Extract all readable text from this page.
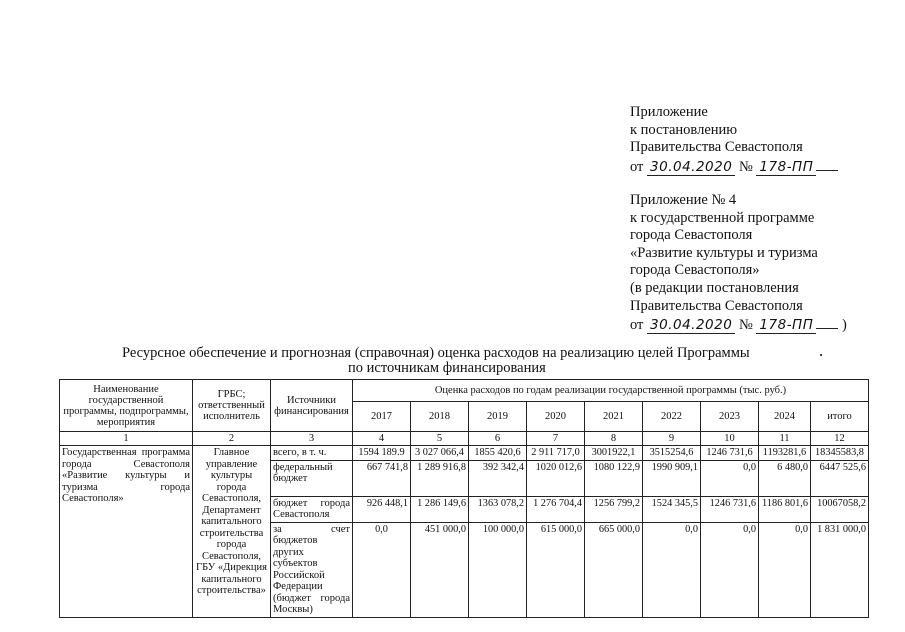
Приложение
к постановлению
Правительства Севастополя
от 30.04.2020 № 178-ПП
Приложение № 4
к государственной программе
города Севастополя
«Развитие культуры и туризма
города Севастополя»
(в редакции постановления
Правительства Севастополя
от 30.04.2020 № 178-ПП )
Ресурсное обеспечение и прогнозная (справочная) оценка расходов на реализацию целей Программы
по источникам финансирования
Наименование государственной программы, подпрограммы, мероприятия	ГРБС; ответственный исполнитель	Источники финансирования	Оценка расходов по годам реализации государственной программы (тыс. руб.)								
			2017	2018	2019	2020	2021	2022	2023	2024	итого
1	2	3	4	5	6	7	8	9	10	11	12
Государственная программа города Севастополя «Развитие культуры и туризма города Севастополя»	Главное управление культуры города Севастополя, Департамент капитального строительства города Севастополя, ГБУ «Дирекция капитального строительства»	всего, в т. ч.	1594 189.9	3 027 066,4	1855 420,6	2 911 717,0	3001922,1	3515254,6	1246 731,6	1193281,6	18345583,8
		федеральный бюджет	667 741,8	1 289 916,8	392 342,4	1020 012,6	1080 122,9	1990 909,1	0,0	6 480,0	6447 525,6
		бюджет города Севастополя	926 448,1	1 286 149,6	1363 078,2	1 276 704,4	1256 799,2	1524 345,5	1246 731,6	1186 801,6	10067058,2
		за счет бюджетов других субъектов Российской Федерации (бюджет города Москвы)	0,0	451 000,0	100 000,0	615 000,0	665 000,0	0,0	0,0	0,0	1 831 000,0
